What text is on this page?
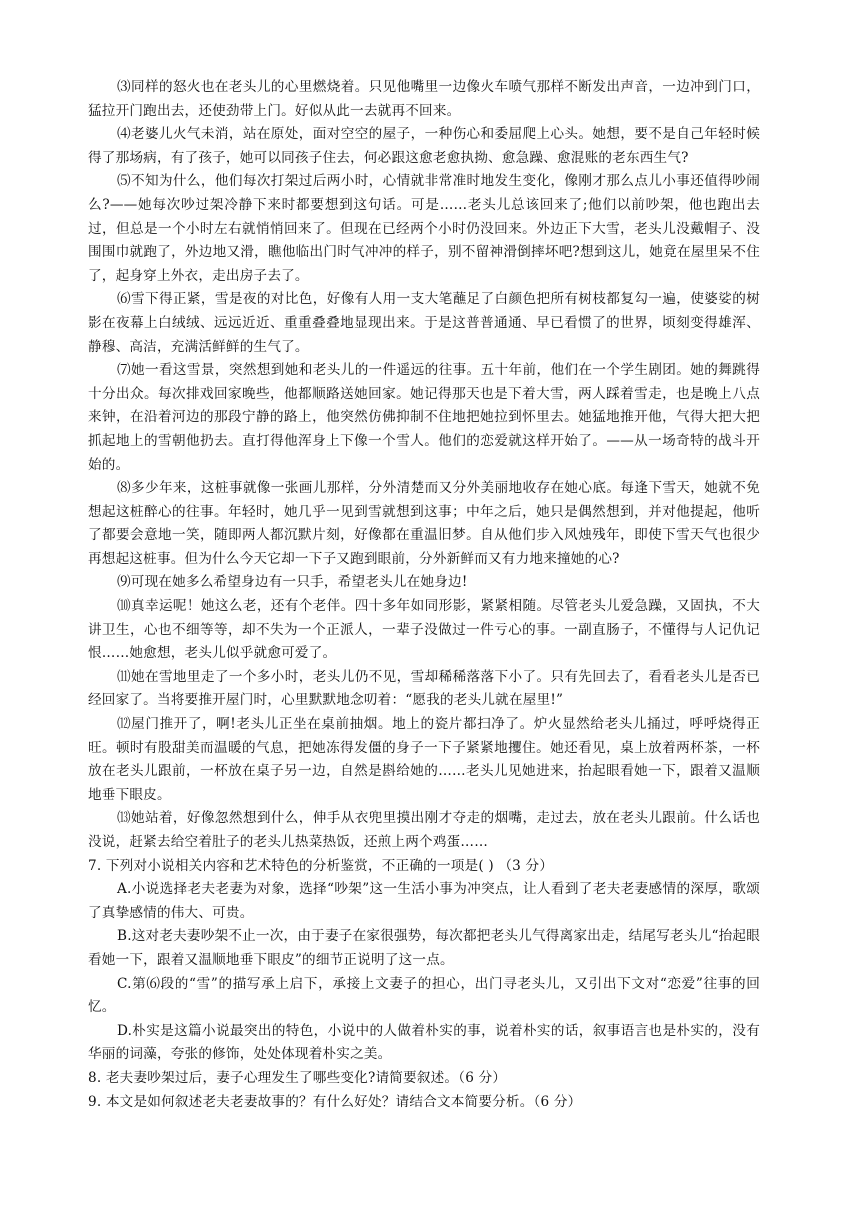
⑶同样的怒火也在老头儿的心里燃烧着。只见他嘴里一边像火车喷气那样不断发出声音，一边冲到门口，猛拉开门跑出去，还使劲带上门。好似从此一去就再不回来。

⑷老婆儿火气未消，站在原处，面对空空的屋子，一种伤心和委屈爬上心头。她想，要不是自己年轻时候得了那场病，有了孩子，她可以同孩子住去，何必跟这愈老愈执拗、愈急躁、愈混账的老东西生气?

⑸不知为什么，他们每次打架过后两小时，心情就非常准时地发生变化，像刚才那么点儿小事还值得吵闹么?——她每次吵过架冷静下来时都要想到这句话。可是……老头儿总该回来了;他们以前吵架，他也跑出去过，但总是一个小时左右就悄悄回来了。但现在已经两个小时仍没回来。外边正下大雪，老头儿没戴帽子、没围围巾就跑了，外边地又滑，瞧他临出门时气冲冲的样子，别不留神滑倒摔坏吧?想到这儿，她竟在屋里呆不住了，起身穿上外衣，走出房子去了。

⑹雪下得正紧，雪是夜的对比色，好像有人用一支大笔蘸足了白颜色把所有树枝都复勾一遍，使婆娑的树影在夜幕上白绒绒、远远近近、重重叠叠地显现出来。于是这普普通通、早已看惯了的世界，顷刻变得雄浑、静穆、高洁，充满活鲜鲜的生气了。

⑺她一看这雪景，突然想到她和老头儿的一件遥远的往事。五十年前，他们在一个学生剧团。她的舞跳得十分出众。每次排戏回家晚些，他都顺路送她回家。她记得那天也是下着大雪，两人踩着雪走，也是晚上八点来钟，在沿着河边的那段宁静的路上，他突然仿佛抑制不住地把她拉到怀里去。她猛地推开他，气得大把大把抓起地上的雪朝他扔去。直打得他浑身上下像一个雪人。他们的恋爱就这样开始了。——从一场奇特的战斗开始的。

⑻多少年来，这桩事就像一张画儿那样，分外清楚而又分外美丽地收存在她心底。每逢下雪天，她就不免想起这桩醉心的往事。年轻时，她几乎一见到雪就想到这事；中年之后，她只是偶然想到，并对他提起，他听了都要会意地一笑，随即两人都沉默片刻，好像都在重温旧梦。自从他们步入风烛残年，即使下雪天气也很少再想起这桩事。但为什么今天它却一下子又跑到眼前，分外新鲜而又有力地来撞她的心?

⑼可现在她多么希望身边有一只手，希望老头儿在她身边!

⑽真幸运呢！她这么老，还有个老伴。四十多年如同形影，紧紧相随。尽管老头儿爱急躁，又固执，不大讲卫生，心也不细等等，却不失为一个正派人，一辈子没做过一件亏心的事。一副直肠子，不懂得与人记仇记恨……她愈想，老头儿似乎就愈可爱了。

⑾她在雪地里走了一个多小时，老头儿仍不见，雪却稀稀落落下小了。只有先回去了，看看老头儿是否已经回家了。当将要推开屋门时，心里默默地念叨着：“愿我的老头儿就在屋里!”

⑿屋门推开了，啊!老头儿正坐在桌前抽烟。地上的瓷片都扫净了。炉火显然给老头儿捅过，呼呼烧得正旺。顿时有股甜美而温暖的气息，把她冻得发僵的身子一下子紧紧地攫住。她还看见，桌上放着两杯茶，一杯放在老头儿跟前，一杯放在桌子另一边，自然是斟给她的……老头儿见她进来，抬起眼看她一下，跟着又温顺地垂下眼皮。

⒀她站着，好像忽然想到什么，伸手从衣兜里摸出刚才夺走的烟嘴，走过去，放在老头儿跟前。什么话也没说，赶紧去给空着肚子的老头儿热菜热饭，还煎上两个鸡蛋……

7. 下列对小说相关内容和艺术特色的分析鉴赏，不正确的一项是( ) （3 分）

A.小说选择老夫老妻为对象，选择“吵架”这一生活小事为冲突点，让人看到了老夫老妻感情的深厚，歌颂了真挚感情的伟大、可贵。

B.这对老夫妻吵架不止一次，由于妻子在家很强势，每次都把老头儿气得离家出走，结尾写老头儿“抬起眼看她一下，跟着又温顺地垂下眼皮”的细节正说明了这一点。

C.第⑹段的“雪”的描写承上启下，承接上文妻子的担心，出门寻老头儿，又引出下文对“恋爱”往事的回忆。

D.朴实是这篇小说最突出的特色，小说中的人做着朴实的事，说着朴实的话，叙事语言也是朴实的，没有华丽的词藻，夸张的修饰，处处体现着朴实之美。

8. 老夫妻吵架过后，妻子心理发生了哪些变化?请简要叙述。（6 分）

9. 本文是如何叙述老夫老妻故事的？有什么好处？请结合文本简要分析。（6 分）
